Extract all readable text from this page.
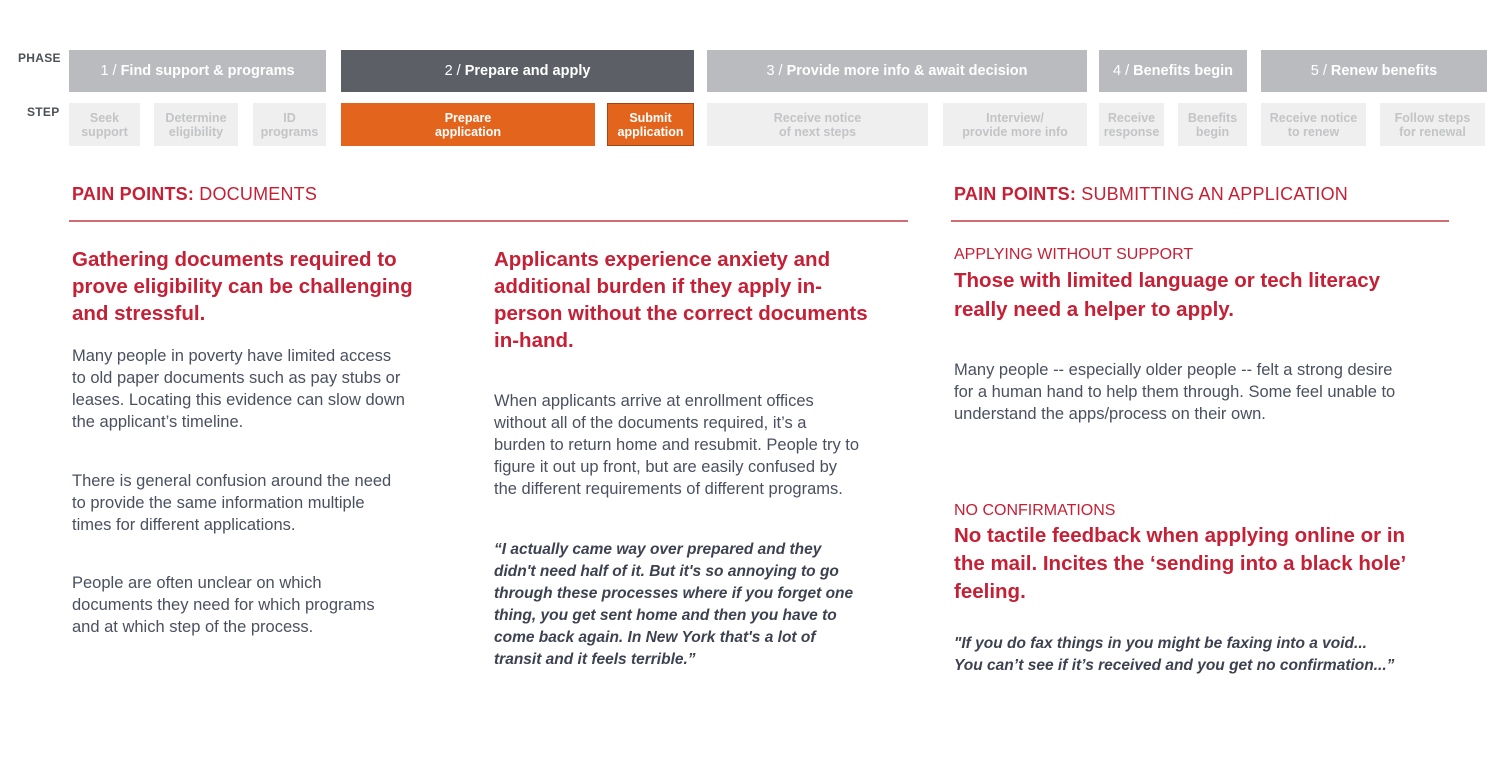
PHASE
STEP
1 / Find support & programs	2 / Prepare and apply	3 / Provide more info & await decision	4 / Benefits begin	5 / Renew benefits
Seek
support
Determine
eligibility
ID
programs
Prepare
application
Submit
application
Receive notice
of next steps
Interview/
provide more info
Receive
response
Benefits
begin
Receive notice
to renew
Follow steps
for renewal
PAIN POINTS: DOCUMENTS
Gathering documents required to
prove eligibility can be challenging
and stressful.
Many people in poverty have limited access
to old paper documents such as pay stubs or
leases. Locating this evidence can slow down
the applicant’s timeline.
There is general confusion around the need
to provide the same information multiple
times for different applications.
People are often unclear on which
documents they need for which programs
and at which step of the process.
Applicants experience anxiety and
additional burden if they apply in-
person without the correct documents
in-hand.
When applicants arrive at enrollment offices
without all of the documents required, it’s a
burden to return home and resubmit. People try to
figure it out up front, but are easily confused by
the different requirements of different programs.
“I actually came way over prepared and they
didn't need half of it. But it's so annoying to go
through these processes where if you forget one
thing, you get sent home and then you have to
come back again. In New York that's a lot of
transit and it feels terrible.”
PAIN POINTS: SUBMITTING AN APPLICATION
APPLYING WITHOUT SUPPORT
Those with limited language or tech literacy
really need a helper to apply.
Many people -- especially older people -- felt a strong desire
for a human hand to help them through. Some feel unable to
understand the apps/process on their own.
NO CONFIRMATIONS
No tactile feedback when applying online or in
the mail. Incites the ‘sending into a black hole’
feeling.
"If you do fax things in you might be faxing into a void...
You can’t see if it’s received and you get no confirmation...”
